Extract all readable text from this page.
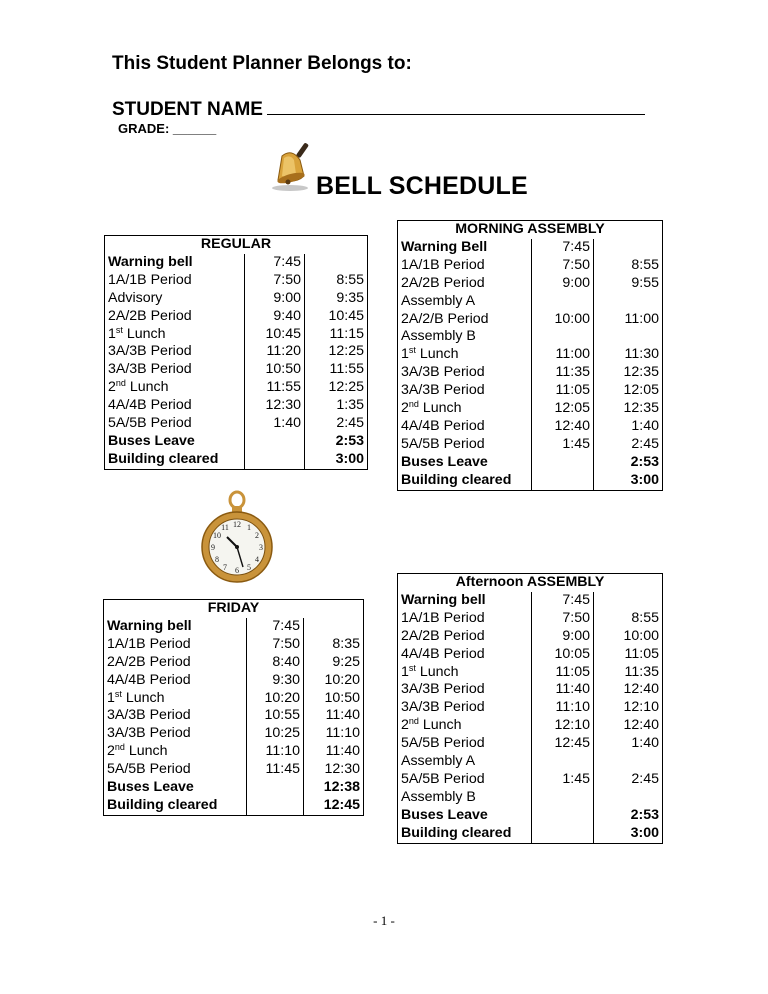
This Student Planner Belongs to:
STUDENT NAME
GRADE: ______
BELL SCHEDULE
12
3
6
9
1
2
4
5
7
8
10
11
REGULAR		
Warning bell	7:45	
1A/1B Period	7:50	8:55
Advisory	9:00	9:35
2A/2B Period	9:40	10:45
1st Lunch	10:45	11:15
3A/3B Period	11:20	12:25
3A/3B Period	10:50	11:55
2nd Lunch	11:55	12:25
4A/4B Period	12:30	1:35
5A/5B Period	1:40	2:45
Buses Leave		2:53
Building cleared		3:00
MORNING ASSEMBLY		
Warning Bell	7:45	
1A/1B Period	7:50	8:55
2A/2B Period	9:00	9:55
Assembly A		
2A/2/B Period	10:00	11:00
Assembly B		
1st Lunch	11:00	11:30
3A/3B Period	11:35	12:35
3A/3B Period	11:05	12:05
2nd Lunch	12:05	12:35
4A/4B Period	12:40	1:40
5A/5B Period	1:45	2:45
Buses Leave		2:53
Building cleared		3:00
FRIDAY		
Warning bell	7:45	
1A/1B Period	7:50	8:35
2A/2B Period	8:40	9:25
4A/4B Period	9:30	10:20
1st Lunch	10:20	10:50
3A/3B Period	10:55	11:40
3A/3B Period	10:25	11:10
2nd Lunch	11:10	11:40
5A/5B Period	11:45	12:30
Buses Leave		12:38
Building cleared		12:45
Afternoon ASSEMBLY		
Warning bell	7:45	
1A/1B Period	7:50	8:55
2A/2B Period	9:00	10:00
4A/4B Period	10:05	11:05
1st Lunch	11:05	11:35
3A/3B Period	11:40	12:40
3A/3B Period	11:10	12:10
2nd Lunch	12:10	12:40
5A/5B Period	12:45	1:40
Assembly A		
5A/5B Period	1:45	2:45
Assembly B		
Buses Leave		2:53
Building cleared		3:00
- 1 -
